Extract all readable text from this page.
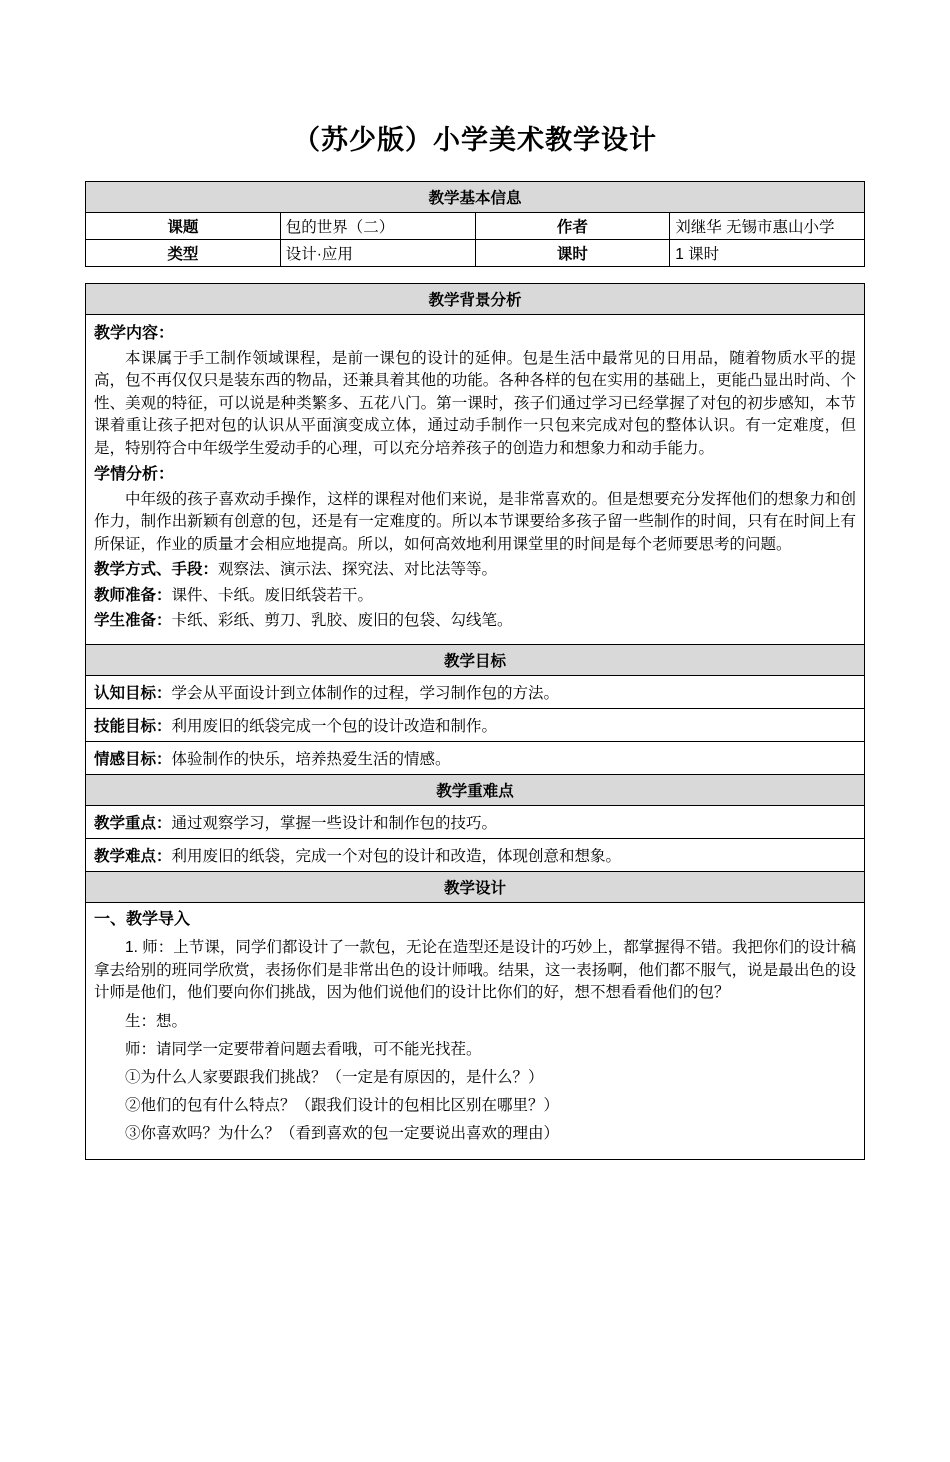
（苏少版）小学美术教学设计
教学基本信息			
课题	包的世界（二）	作者	刘继华 无锡市惠山小学
类型	设计·应用	课时	1 课时
教学背景分析

教学内容：

本课属于手工制作领域课程，是前一课包的设计的延伸。包是生活中最常见的日用品，随着物质水平的提高，包不再仅仅只是装东西的物品，还兼具着其他的功能。各种各样的包在实用的基础上，更能凸显出时尚、个性、美观的特征，可以说是种类繁多、五花八门。第一课时，孩子们通过学习已经掌握了对包的初步感知，本节课着重让孩子把对包的认识从平面演变成立体，通过动手制作一只包来完成对包的整体认识。有一定难度，但是，特别符合中年级学生爱动手的心理，可以充分培养孩子的创造力和想象力和动手能力。

学情分析：

中年级的孩子喜欢动手操作，这样的课程对他们来说，是非常喜欢的。但是想要充分发挥他们的想象力和创作力，制作出新颖有创意的包，还是有一定难度的。所以本节课要给多孩子留一些制作的时间，只有在时间上有所保证，作业的质量才会相应地提高。所以，如何高效地利用课堂里的时间是每个老师要思考的问题。

教学方式、手段：观察法、演示法、探究法、对比法等等。

教师准备：课件、卡纸。废旧纸袋若干。

学生准备：卡纸、彩纸、剪刀、乳胶、废旧的包袋、勾线笔。

教学目标
认知目标：学会从平面设计到立体制作的过程，学习制作包的方法。
技能目标：利用废旧的纸袋完成一个包的设计改造和制作。
情感目标：体验制作的快乐，培养热爱生活的情感。
教学重难点
教学重点：通过观察学习，掌握一些设计和制作包的技巧。
教学难点：利用废旧的纸袋，完成一个对包的设计和改造，体现创意和想象。
教学设计

一、教学导入

1. 师：上节课，同学们都设计了一款包，无论在造型还是设计的巧妙上，都掌握得不错。我把你们的设计稿拿去给别的班同学欣赏，表扬你们是非常出色的设计师哦。结果，这一表扬啊，他们都不服气，说是最出色的设计师是他们，他们要向你们挑战，因为他们说他们的设计比你们的好，想不想看看他们的包？

生：想。

师：请同学一定要带着问题去看哦，可不能光找茬。

①为什么人家要跟我们挑战？（一定是有原因的，是什么？）

②他们的包有什么特点？（跟我们设计的包相比区别在哪里？）

③你喜欢吗？为什么？（看到喜欢的包一定要说出喜欢的理由）
